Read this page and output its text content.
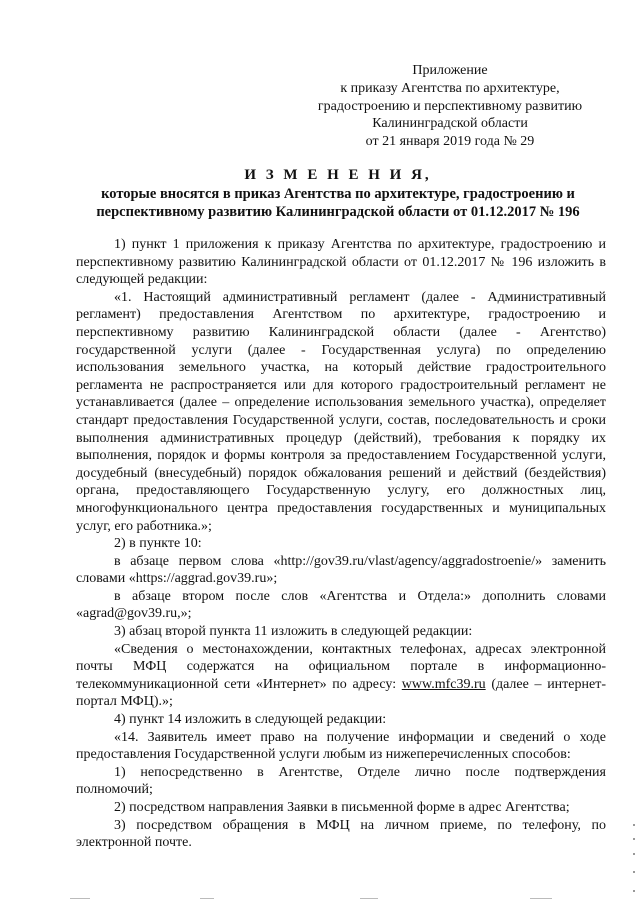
Приложение
к приказу Агентства по архитектуре,
градостроению и перспективному развитию
Калининградской области
от 21 января 2019 года № 29
И З М Е Н Е Н И Я,
которые вносятся в приказ Агентства по архитектуре, градостроению и
перспективному развитию Калининградской области от 01.12.2017 № 196

1) пункт 1 приложения к приказу Агентства по архитектуре, градостроению и перспективному развитию Калининградской области от 01.12.2017 № 196 изложить в следующей редакции:

«1. Настоящий административный регламент (далее - Административный регламент) предоставления Агентством по архитектуре, градостроению и перспективному развитию Калининградской области (далее - Агентство) государственной услуги (далее - Государственная услуга) по определению использования земельного участка, на который действие градостроительного регламента не распространяется или для которого градостроительный регламент не устанавливается (далее – определение использования земельного участка), определяет стандарт предоставления Государственной услуги, состав, последовательность и сроки выполнения административных процедур (действий), требования к порядку их выполнения, порядок и формы контроля за предоставлением Государственной услуги, досудебный (внесудебный) порядок обжалования решений и действий (бездействия) органа, предоставляющего Государственную услугу, его должностных лиц, многофункционального центра предоставления государственных и муниципальных услуг, его работника.»;

2) в пункте 10:

в абзаце первом слова «http://gov39.ru/vlast/agency/aggradostroenie/» заменить словами «https://aggrad.gov39.ru»;

в абзаце втором после слов «Агентства и Отдела:» дополнить словами «agrad@gov39.ru,»;

3) абзац второй пункта 11 изложить в следующей редакции:

«Сведения о местонахождении, контактных телефонах, адресах электронной почты МФЦ содержатся на официальном портале в информационно-телекоммуникационной сети «Интернет» по адресу: www.mfc39.ru (далее – интернет-портал МФЦ).»;

4) пункт 14 изложить в следующей редакции:

«14. Заявитель имеет право на получение информации и сведений о ходе предоставления Государственной услуги любым из нижеперечисленных способов:

1) непосредственно в Агентстве, Отделе лично после подтверждения полномочий;

2) посредством направления Заявки в письменной форме в адрес Агентства;

3) посредством обращения в МФЦ на личном приеме, по телефону, по электронной почте.
